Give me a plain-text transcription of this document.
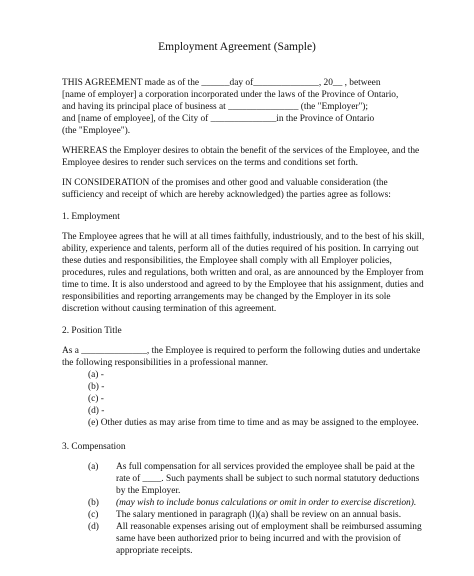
Employment Agreement (Sample)
THIS AGREEMENT made as of the ______day of______________, 20__ , between
[name of employer] a corporation incorporated under the laws of the Province of Ontario,
and having its principal place of business at _______________ (the "Employer");
and [name of employee], of the City of ______________in the Province of Ontario
(the "Employee").
WHEREAS the Employer desires to obtain the benefit of the services of the Employee, and the
Employee desires to render such services on the terms and conditions set forth.
IN CONSIDERATION of the promises and other good and valuable consideration (the
sufficiency and receipt of which are hereby acknowledged) the parties agree as follows:
1. Employment
The Employee agrees that he will at all times faithfully, industriously, and to the best of his skill,
ability, experience and talents, perform all of the duties required of his position. In carrying out
these duties and responsibilities, the Employee shall comply with all Employer policies,
procedures, rules and regulations, both written and oral, as are announced by the Employer from
time to time. It is also understood and agreed to by the Employee that his assignment, duties and
responsibilities and reporting arrangements may be changed by the Employer in its sole
discretion without causing termination of this agreement.
2. Position Title
As a ______________, the Employee is required to perform the following duties and undertake
the following responsibilities in a professional manner.
(a) -
(b) -
(c) -
(d) -
(e) Other duties as may arise from time to time and as may be assigned to the employee.
3. Compensation
(a) As full compensation for all services provided the employee shall be paid at the
rate of ____. Such payments shall be subject to such normal statutory deductions
by the Employer.
(b) (may wish to include bonus calculations or omit in order to exercise discretion).
(c) The salary mentioned in paragraph (l)(a) shall be review on an annual basis.
(d) All reasonable expenses arising out of employment shall be reimbursed assuming
same have been authorized prior to being incurred and with the provision of
appropriate receipts.
